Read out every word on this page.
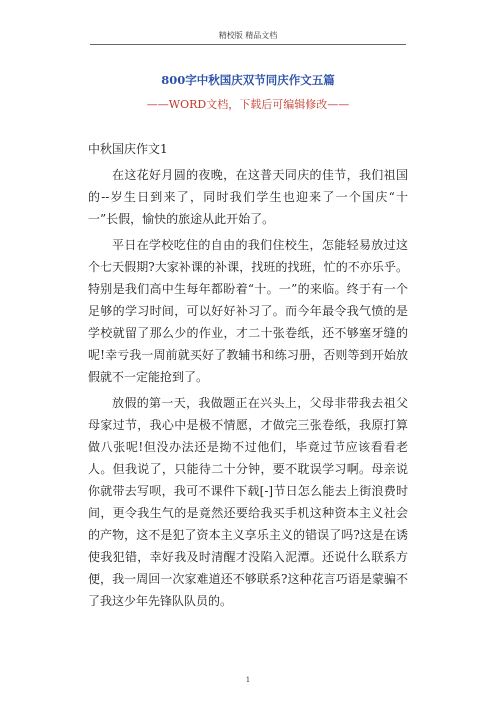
精校版 精品文档
800字中秋国庆双节同庆作文五篇
——WORD文档，下载后可编辑修改——

中秋国庆作文1

在这花好月圆的夜晚，在这普天同庆的佳节，我们祖国的--岁生日到来了，同时我们学生也迎来了一个国庆“十一”长假，愉快的旅途从此开始了。

平日在学校吃住的自由的我们住校生，怎能轻易放过这个七天假期?大家补课的补课，找班的找班，忙的不亦乐乎。特别是我们高中生每年都盼着“十。一”的来临。终于有一个足够的学习时间，可以好好补习了。而今年最令我气愤的是学校就留了那么少的作业，才二十张卷纸，还不够塞牙缝的呢!幸亏我一周前就买好了教辅书和练习册，否则等到开始放假就不一定能抢到了。

放假的第一天，我做题正在兴头上，父母非带我去祖父母家过节，我心中是极不情愿，才做完三张卷纸，我原打算做八张呢!但没办法还是拗不过他们，毕竟过节应该看看老人。但我说了，只能待二十分钟，要不耽误学习啊。母亲说你就带去写呗，我可不课件下载[-]节日怎么能去上街浪费时间，更令我生气的是竟然还要给我买手机这种资本主义社会的产物，这不是犯了资本主义享乐主义的错误了吗?这是在诱使我犯错，幸好我及时清醒才没陷入泥潭。还说什么联系方便，我一周回一次家难道还不够联系?这种花言巧语是蒙骗不了我这少年先锋队队员的。

1
